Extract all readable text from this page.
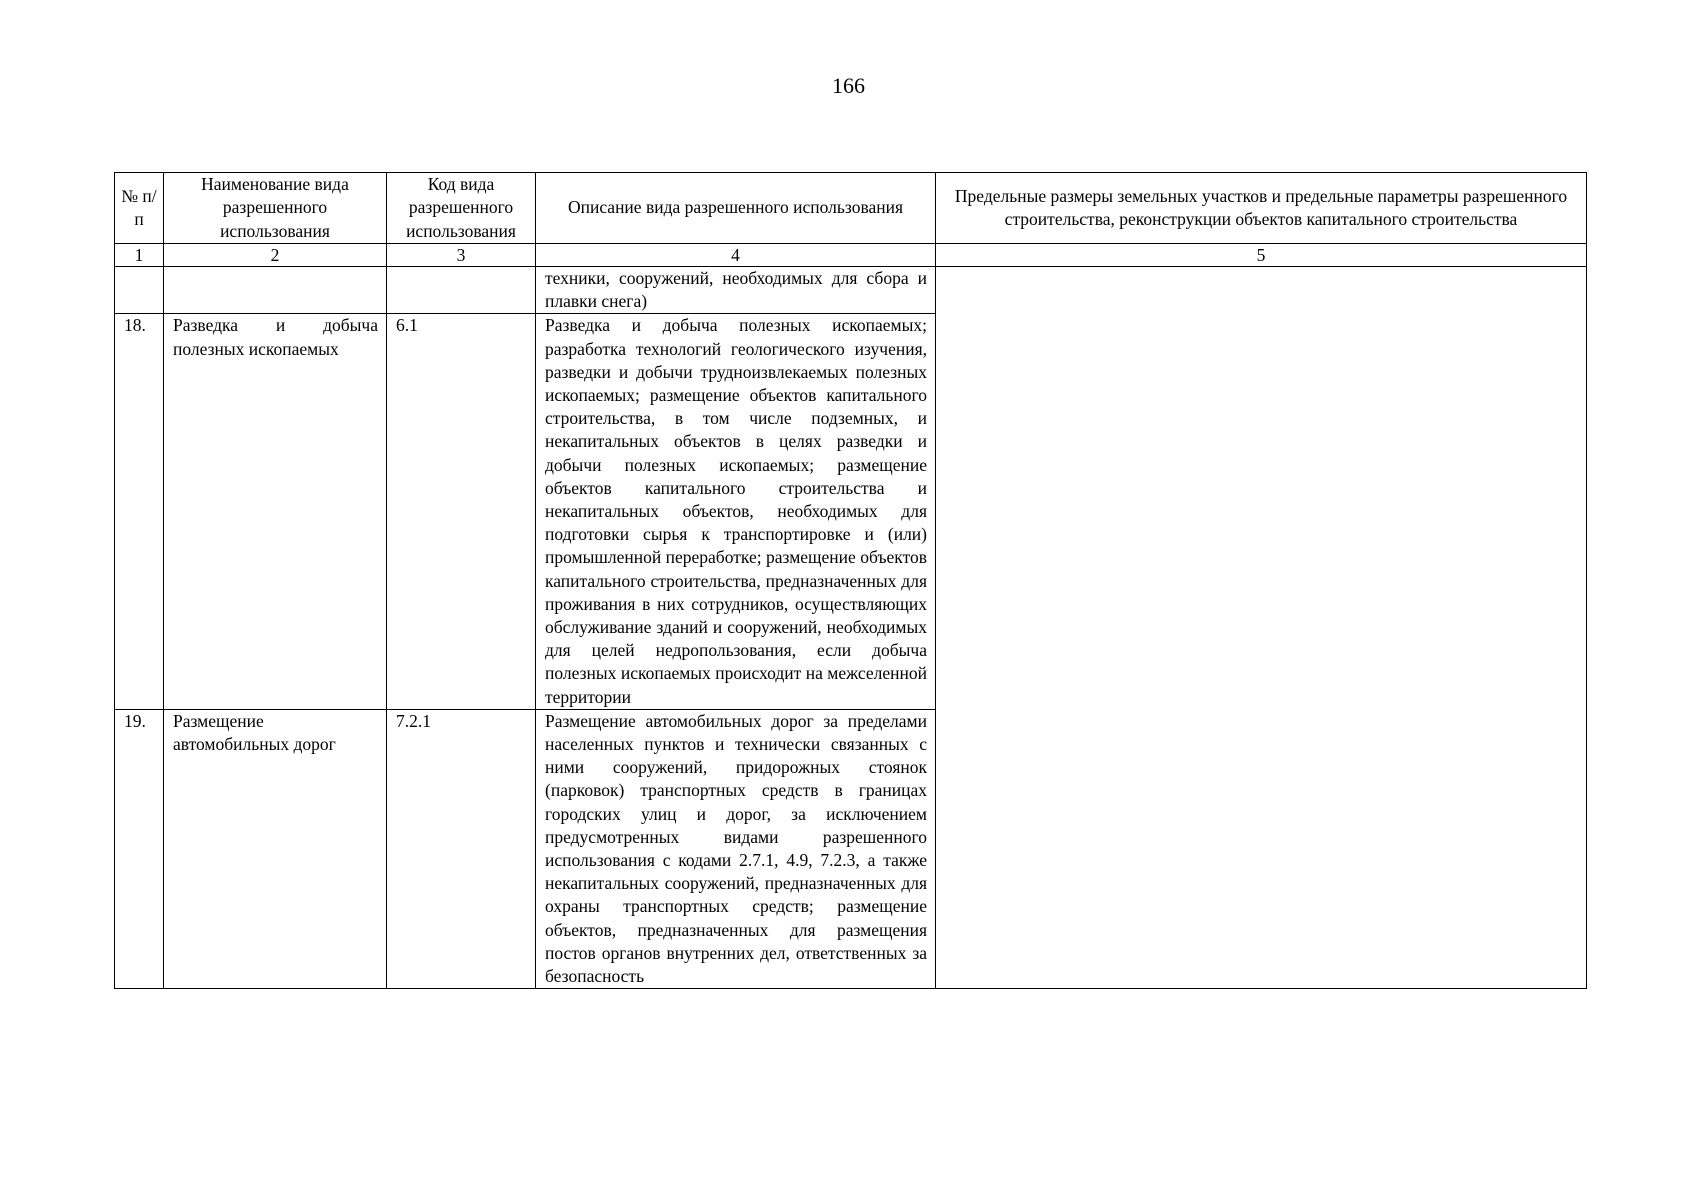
166
№ п/п	Наименование вида разрешенного использования	Код вида разрешенного использования	Описание вида разрешенного использования	Предельные размеры земельных участков и предельные параметры разрешенного строительства, реконструкции объектов капитального строительства
1	2	3	4	5
			техники, сооружений, необходимых для сбора и плавки снега)	
18.	Разведка и добыча полезных ископаемых	6.1	Разведка и добыча полезных ископаемых; разработка технологий геологического изучения, разведки и добычи трудноизвлекаемых полезных ископаемых; размещение объектов капитального строительства, в том числе подземных, и некапитальных объектов в целях разведки и добычи полезных ископаемых; размещение объектов капитального строительства и некапитальных объектов, необходимых для подготовки сырья к транспортировке и (или) промышленной переработке; размещение объектов капитального строительства, предназначенных для проживания в них сотрудников, осуществляющих обслуживание зданий и сооружений, необходимых для целей недропользования, если добыча полезных ископаемых происходит на межселенной территории	
19.	Размещение автомобильных дорог	7.2.1	Размещение автомобильных дорог за пределами населенных пунктов и технически связанных с ними сооружений, придорожных стоянок (парковок) транспортных средств в границах городских улиц и дорог, за исключением предусмотренных видами разрешенного использования с кодами 2.7.1, 4.9, 7.2.3, а также некапитальных сооружений, предназначенных для охраны транспортных средств; размещение объектов, предназначенных для размещения постов органов внутренних дел, ответственных за безопасность	
